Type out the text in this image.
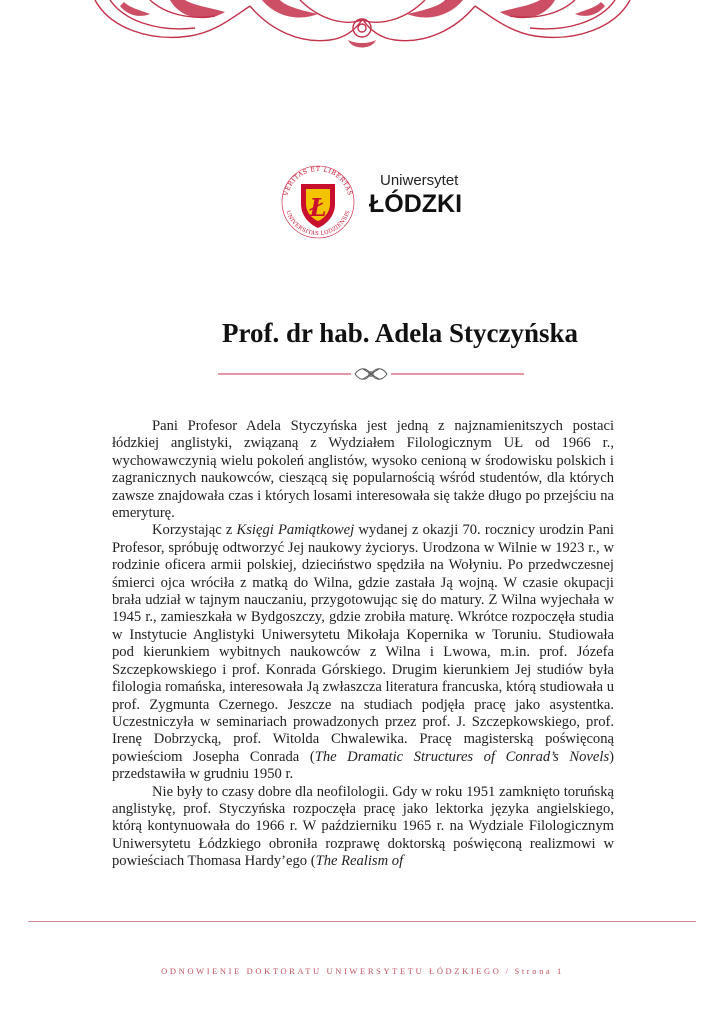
VERITAS ET LIBERTAS
UNIVERSITAS LODZIENSIS
Ł
Uniwersytet
ŁÓDZKI
Prof. dr hab. Adela Styczyńska

Pani Profesor Adela Styczyńska jest jedną z najznamienitszych postaci łódzkiej anglistyki, związaną z Wydziałem Filologicznym UŁ od 1966 r., wychowawczynią wielu pokoleń anglistów, wysoko cenioną w środowisku polskich i zagranicznych naukowców, cieszącą się popularnością wśród studentów, dla których zawsze znajdowała czas i których losami interesowała się także długo po przejściu na emeryturę.

Korzystając z Księgi Pamiątkowej wydanej z okazji 70. rocznicy urodzin Pani Profesor, spróbuję odtworzyć Jej naukowy życiorys. Urodzona w Wilnie w 1923 r., w rodzinie oficera armii polskiej, dzieciństwo spędziła na Wołyniu. Po przedwczesnej śmierci ojca wróciła z matką do Wilna, gdzie zastała Ją wojną. W czasie okupacji brała udział w tajnym nauczaniu, przygotowując się do matury. Z Wilna wyjechała w 1945 r., zamieszkała w Bydgoszczy, gdzie zrobiła maturę. Wkrótce rozpoczęła studia w Instytucie Anglistyki Uniwersytetu Mikołaja Kopernika w Toruniu. Studiowała pod kierunkiem wybitnych naukowców z Wilna i Lwowa, m.in. prof. Józefa Szczepkowskiego i prof. Konrada Górskiego. Drugim kierunkiem Jej studiów była filologia romańska, interesowała Ją zwłaszcza literatura francuska, którą studiowała u prof. Zygmunta Czernego. Jeszcze na studiach podjęła pracę jako asystentka. Uczestniczyła w seminariach prowadzonych przez prof. J. Szczepkowskiego, prof. Irenę Dobrzycką, prof. Witolda Chwalewika. Pracę magisterską poświęconą powieściom Josepha Conrada (The Dramatic Structures of Conrad’s Novels) przedstawiła w grudniu 1950 r.

Nie były to czasy dobre dla neofilologii. Gdy w roku 1951 zamknięto toruńską anglistykę, prof. Styczyńska rozpoczęła pracę jako lektorka języka angielskiego, którą kontynuowała do 1966 r. W październiku 1965 r. na Wydziale Filologicznym Uniwersytetu Łódzkiego obroniła rozprawę doktorską poświęconą realizmowi w powieściach Thomasa Hardy’ego (The Realism of

ODNOWIENIE DOKTORATU UNIWERSYTETU ŁÓDZKIEGO / Strona 1
